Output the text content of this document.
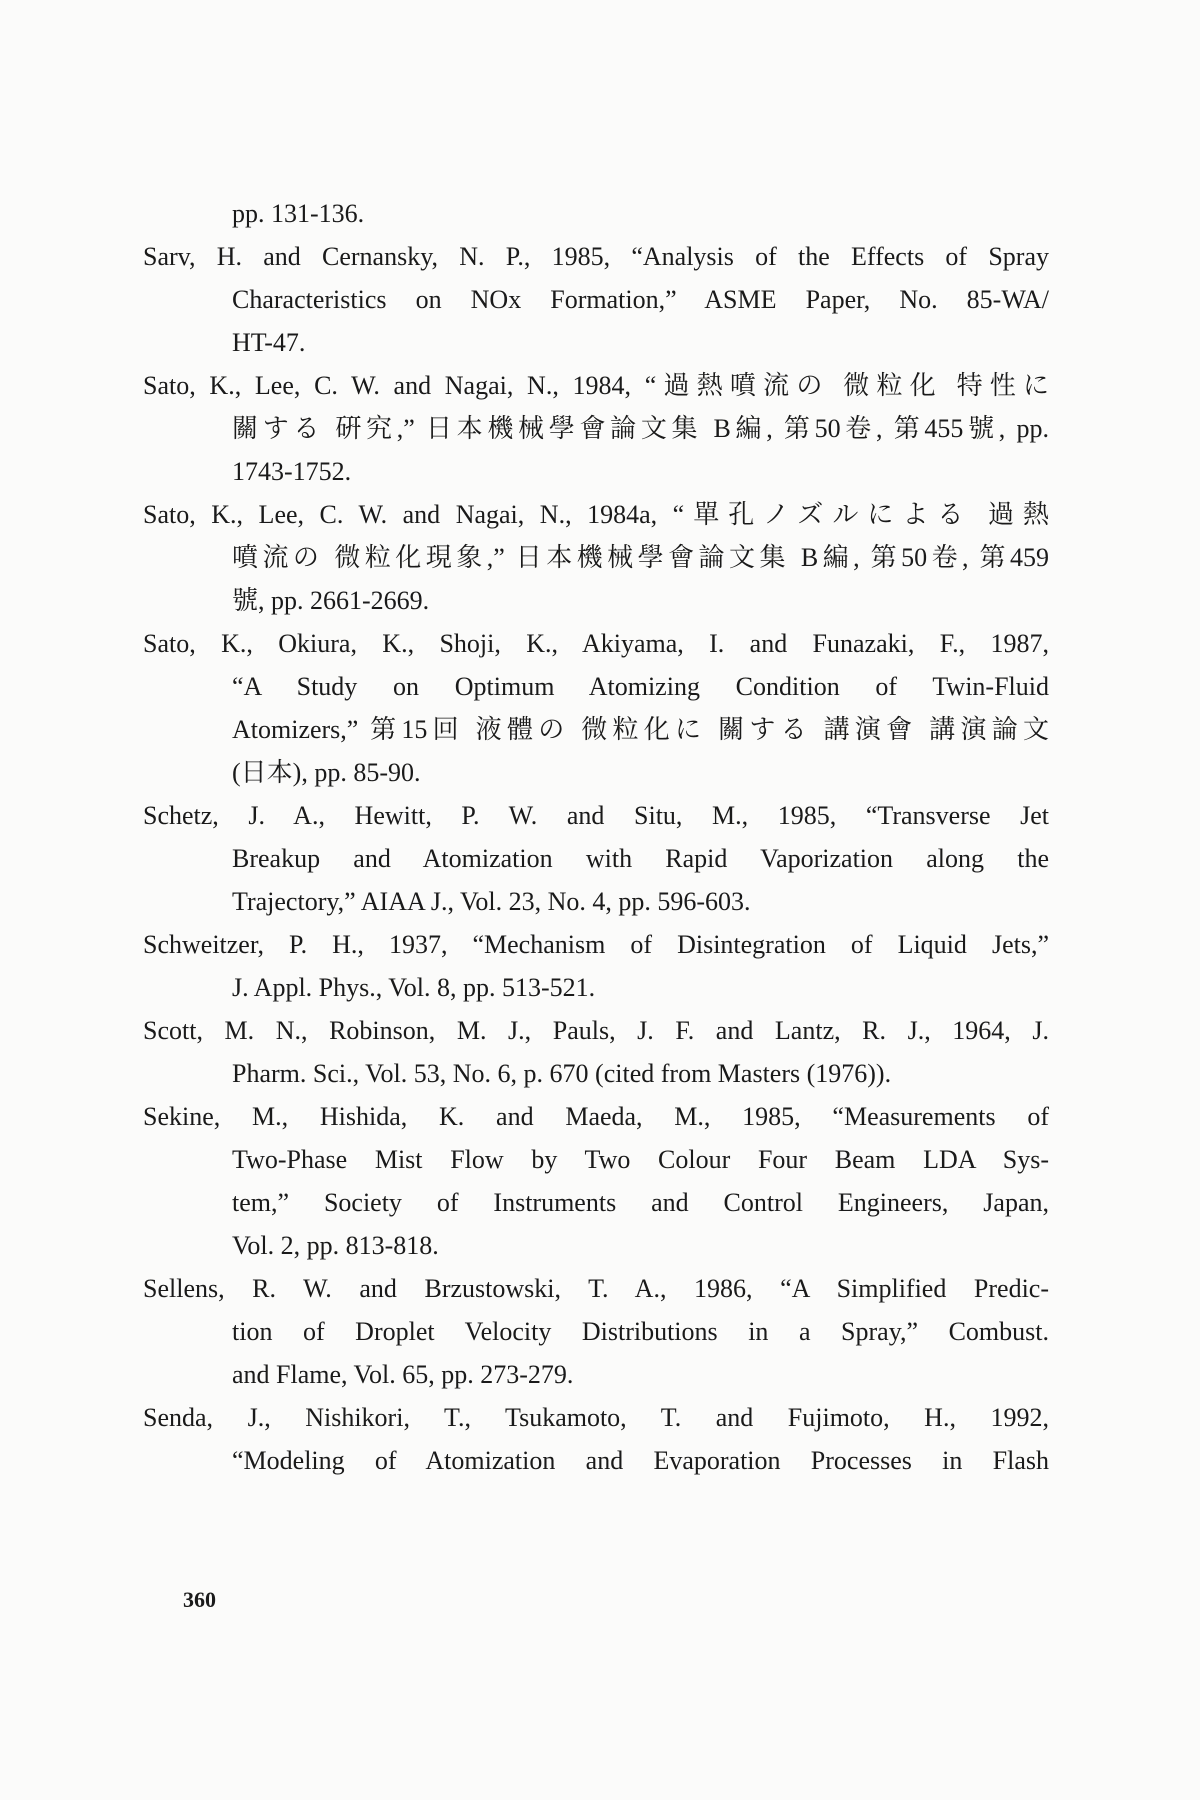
pp. 131-136.
Sarv, H. and Cernansky, N. P., 1985, “Analysis of the Effects of Spray
Characteristics on NOx Formation,” ASME Paper, No. 85-WA/
HT-47.
Sato, K., Lee, C. W. and Nagai, N., 1984, “過熱噴流の 微粒化 特性に
關する 硏究,” 日本機械學會論文集 B編, 第50卷, 第455號, pp.
1743-1752.
Sato, K., Lee, C. W. and Nagai, N., 1984a, “單孔ノズルによる 過熱
噴流の 微粒化現象,” 日本機械學會論文集 B編, 第50卷, 第459
號, pp. 2661-2669.
Sato, K., Okiura, K., Shoji, K., Akiyama, I. and Funazaki, F., 1987,
“A Study on Optimum Atomizing Condition of Twin-Fluid
Atomizers,” 第15回 液體の 微粒化に 關する 講演會 講演論文
(日本), pp. 85-90.
Schetz, J. A., Hewitt, P. W. and Situ, M., 1985, “Transverse Jet
Breakup and Atomization with Rapid Vaporization along the
Trajectory,” AIAA J., Vol. 23, No. 4, pp. 596-603.
Schweitzer, P. H., 1937, “Mechanism of Disintegration of Liquid Jets,”
J. Appl. Phys., Vol. 8, pp. 513-521.
Scott, M. N., Robinson, M. J., Pauls, J. F. and Lantz, R. J., 1964, J.
Pharm. Sci., Vol. 53, No. 6, p. 670 (cited from Masters (1976)).
Sekine, M., Hishida, K. and Maeda, M., 1985, “Measurements of
Two-Phase Mist Flow by Two Colour Four Beam LDA Sys-
tem,” Society of Instruments and Control Engineers, Japan,
Vol. 2, pp. 813-818.
Sellens, R. W. and Brzustowski, T. A., 1986, “A Simplified Predic-
tion of Droplet Velocity Distributions in a Spray,” Combust.
and Flame, Vol. 65, pp. 273-279.
Senda, J., Nishikori, T., Tsukamoto, T. and Fujimoto, H., 1992,
“Modeling of Atomization and Evaporation Processes in Flash
360
